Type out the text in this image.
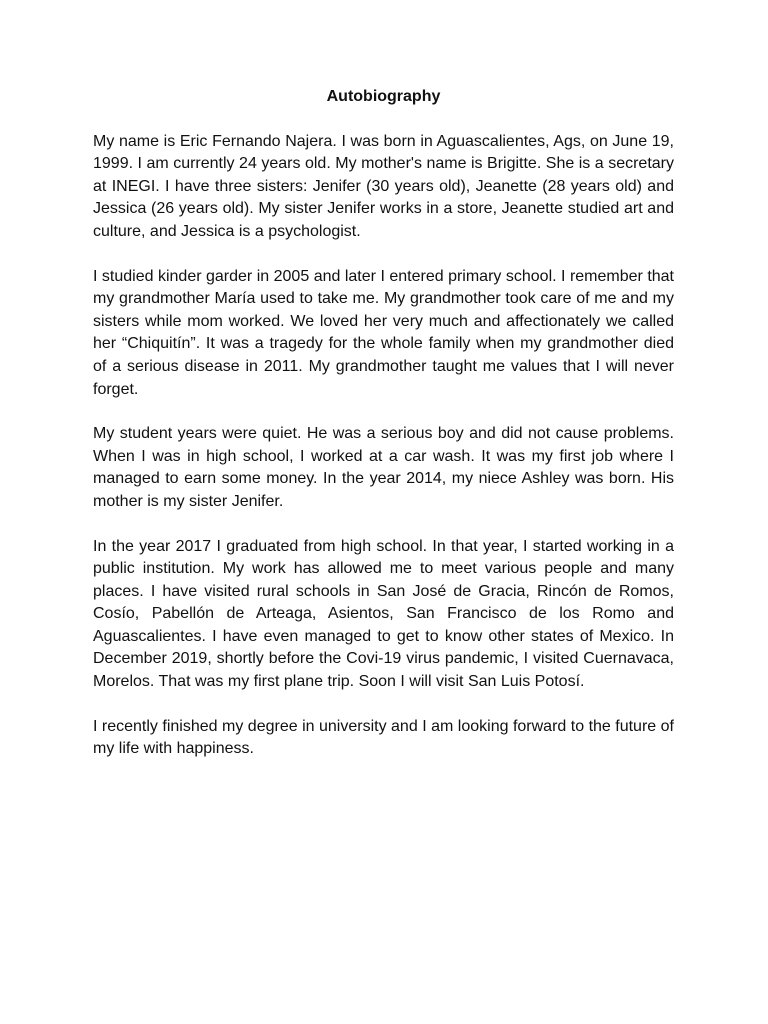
Autobiography

My name is Eric Fernando Najera. I was born in Aguascalientes, Ags, on June 19, 1999. I am currently 24 years old. My mother's name is Brigitte. She is a secretary at INEGI. I have three sisters: Jenifer (30 years old), Jeanette (28 years old) and Jessica (26 years old). My sister Jenifer works in a store, Jeanette studied art and culture, and Jessica is a psychologist.

I studied kinder garder in 2005 and later I entered primary school. I remember that my grandmother María used to take me. My grandmother took care of me and my sisters while mom worked. We loved her very much and affectionately we called her “Chiquitín”. It was a tragedy for the whole family when my grandmother died of a serious disease in 2011. My grandmother taught me values that I will never forget.

My student years were quiet. He was a serious boy and did not cause problems. When I was in high school, I worked at a car wash. It was my first job where I managed to earn some money. In the year 2014, my niece Ashley was born. His mother is my sister Jenifer.

In the year 2017 I graduated from high school. In that year, I started working in a public institution. My work has allowed me to meet various people and many places. I have visited rural schools in San José de Gracia, Rincón de Romos, Cosío, Pabellón de Arteaga, Asientos, San Francisco de los Romo and Aguascalientes. I have even managed to get to know other states of Mexico. In December 2019, shortly before the Covi-19 virus pandemic, I visited Cuernavaca, Morelos. That was my first plane trip. Soon I will visit San Luis Potosí.

I recently finished my degree in university and I am looking forward to the future of my life with happiness.
